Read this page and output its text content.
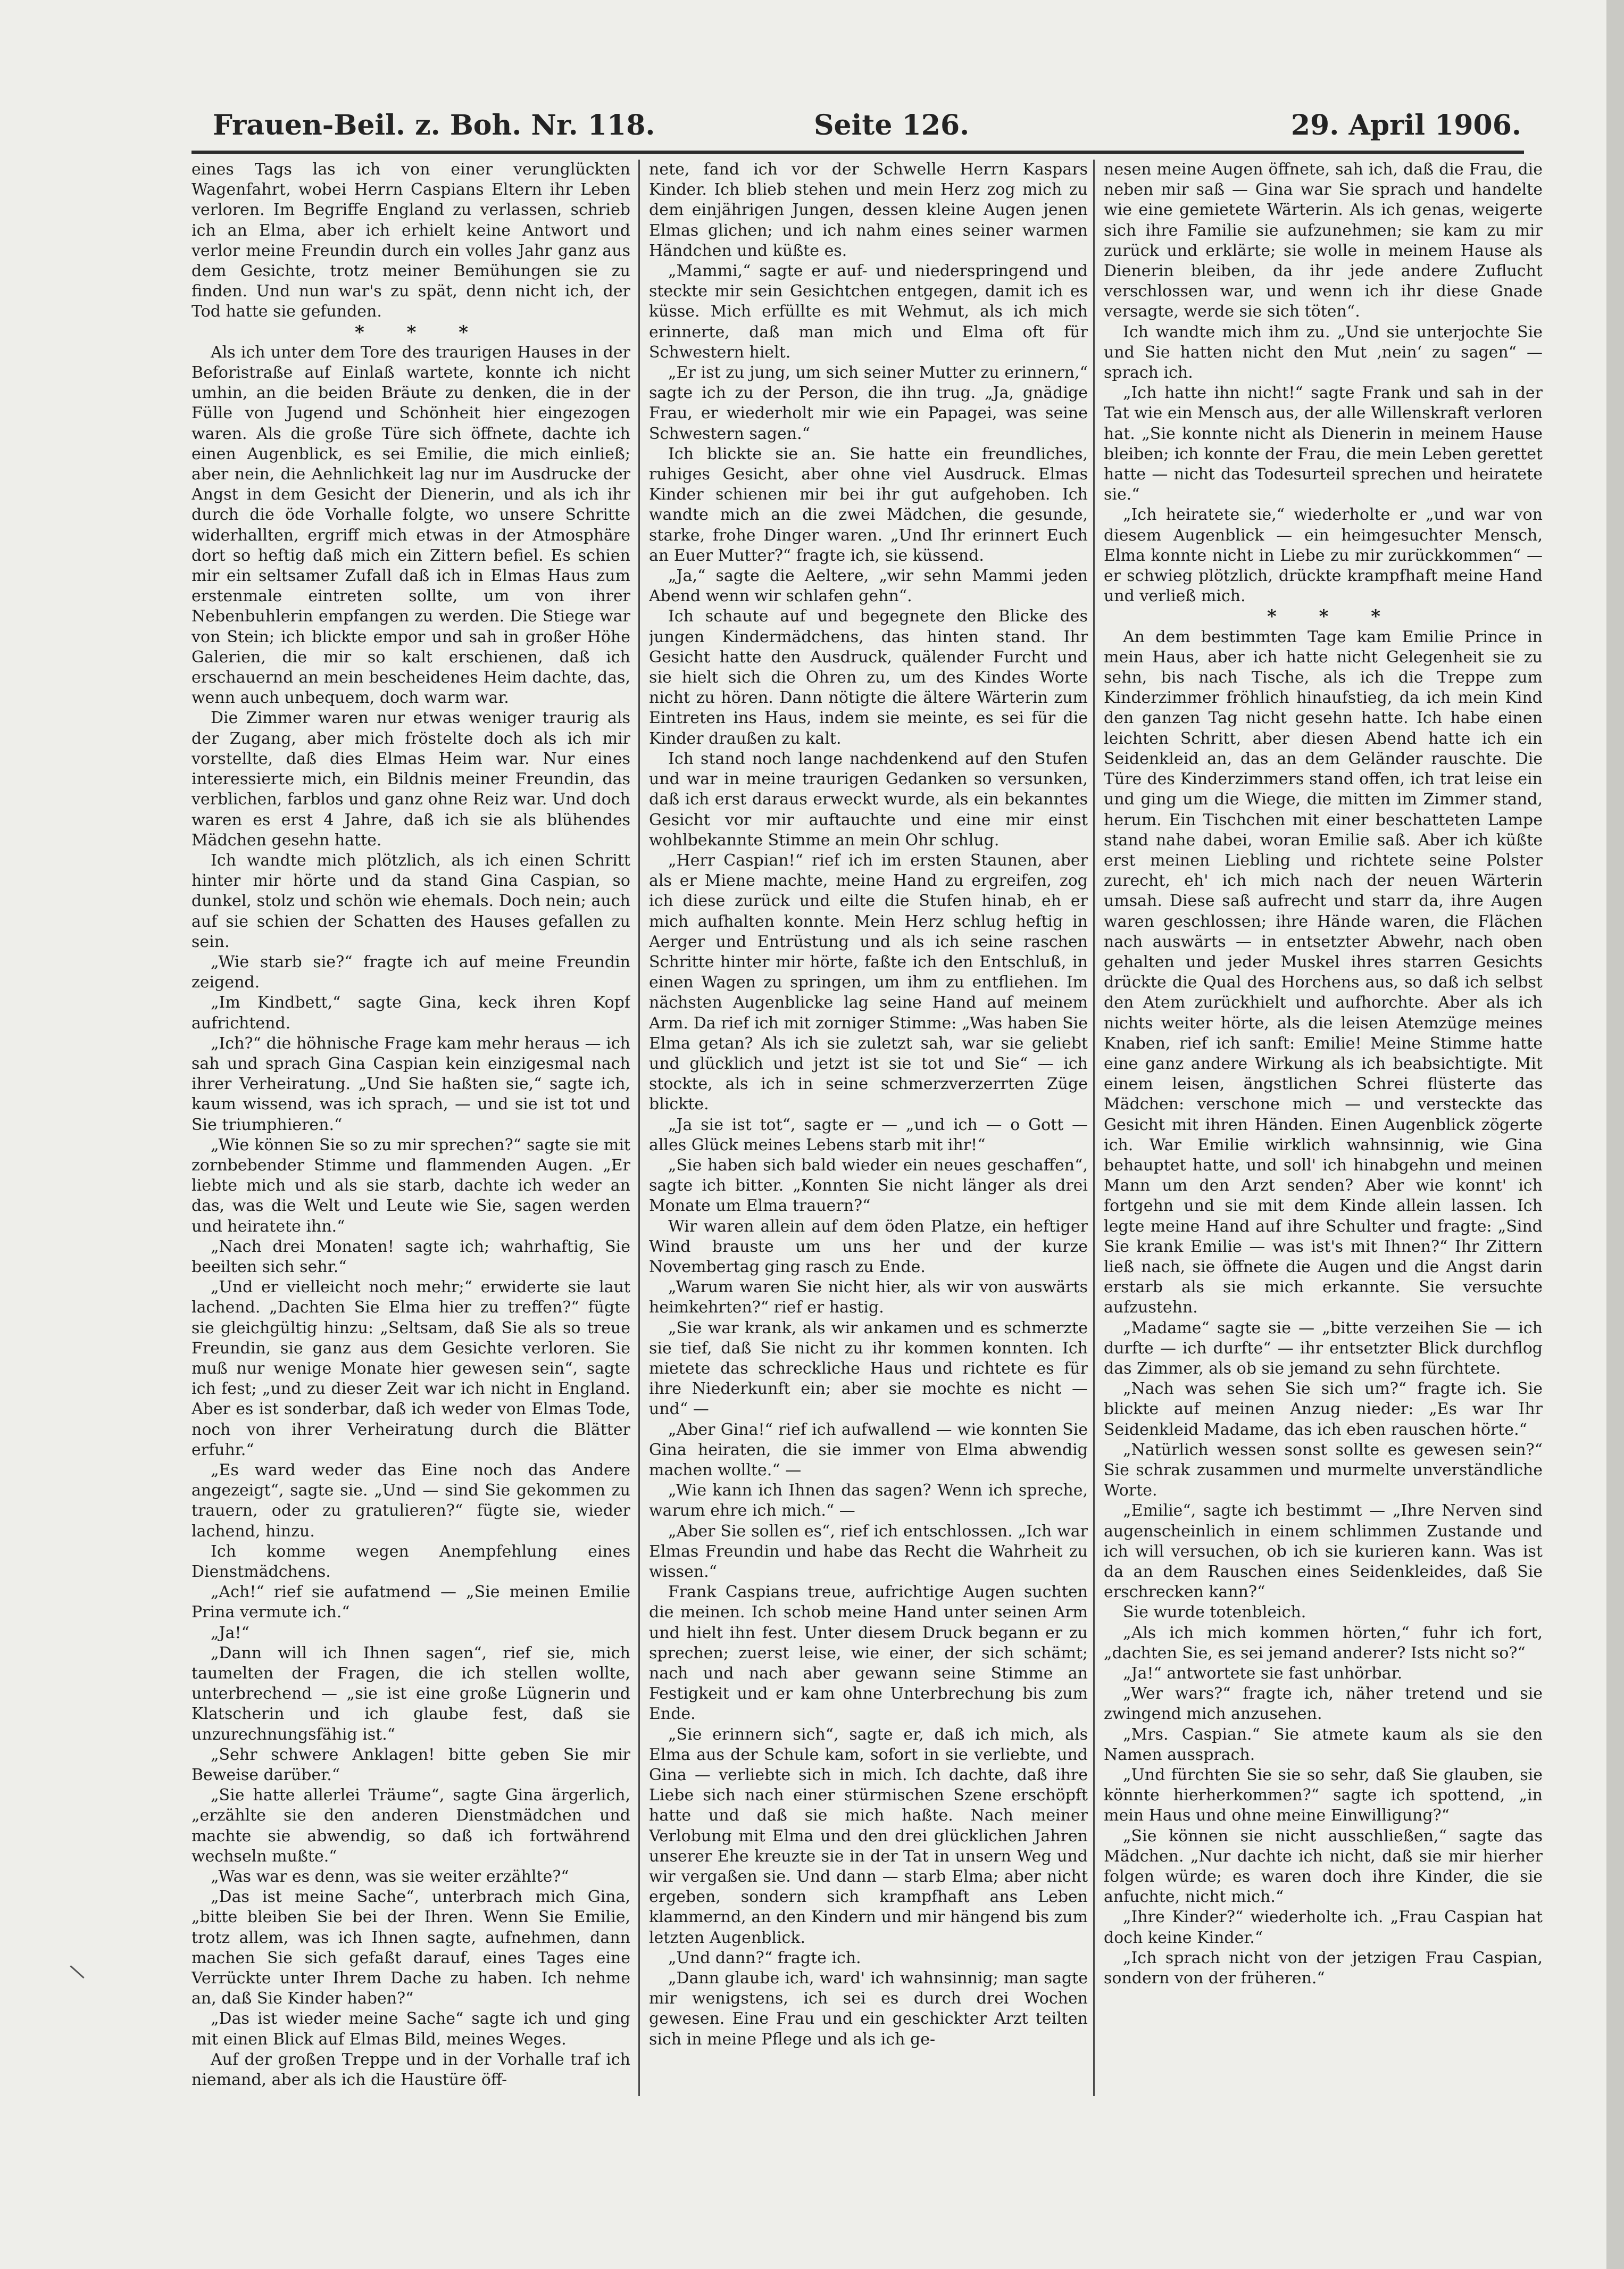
Frauen-Beil. z. Boh. Nr. 118.	Seite 126.	29. April 1906.

eines Tags las ich von einer verunglückten Wagenfahrt, wobei Herrn Caspians Eltern ihr Leben verloren. Im Begriffe England zu verlassen, schrieb ich an Elma, aber ich erhielt keine Antwort und verlor meine Freundin durch ein volles Jahr ganz aus dem Gesichte, trotz meiner Bemühungen sie zu finden. Und nun war's zu spät, denn nicht ich, der Tod hatte sie gefunden.

* * *

Als ich unter dem Tore des traurigen Hauses in der Beforistraße auf Einlaß wartete, konnte ich nicht umhin, an die beiden Bräute zu denken, die in der Fülle von Jugend und Schönheit hier eingezogen waren. Als die große Türe sich öffnete, dachte ich einen Augenblick, es sei Emilie, die mich einließ; aber nein, die Aehnlichkeit lag nur im Ausdrucke der Angst in dem Gesicht der Dienerin, und als ich ihr durch die öde Vorhalle folgte, wo unsere Schritte widerhallten, ergriff mich etwas in der Atmosphäre dort so heftig daß mich ein Zittern befiel. Es schien mir ein seltsamer Zufall daß ich in Elmas Haus zum erstenmale eintreten sollte, um von ihrer Nebenbuhlerin empfangen zu werden. Die Stiege war von Stein; ich blickte empor und sah in großer Höhe Galerien, die mir so kalt erschienen, daß ich erschauernd an mein bescheidenes Heim dachte, das, wenn auch unbequem, doch warm war.

Die Zimmer waren nur etwas weniger traurig als der Zugang, aber mich fröstelte doch als ich mir vorstellte, daß dies Elmas Heim war. Nur eines interessierte mich, ein Bildnis meiner Freundin, das verblichen, farblos und ganz ohne Reiz war. Und doch waren es erst 4 Jahre, daß ich sie als blühendes Mädchen gesehn hatte.

Ich wandte mich plötzlich, als ich einen Schritt hinter mir hörte und da stand Gina Caspian, so dunkel, stolz und schön wie ehemals. Doch nein; auch auf sie schien der Schatten des Hauses gefallen zu sein.

„Wie starb sie?“ fragte ich auf meine Freundin zeigend.

„Im Kindbett,“ sagte Gina, keck ihren Kopf aufrichtend.

„Ich?“ die höhnische Frage kam mehr heraus — ich sah und sprach Gina Caspian kein einzigesmal nach ihrer Verheiratung. „Und Sie haßten sie,“ sagte ich, kaum wissend, was ich sprach, — und sie ist tot und Sie triumphieren.“

„Wie können Sie so zu mir sprechen?“ sagte sie mit zornbebender Stimme und flammenden Augen. „Er liebte mich und als sie starb, dachte ich weder an das, was die Welt und Leute wie Sie, sagen werden und heiratete ihn.“

„Nach drei Monaten! sagte ich; wahrhaftig, Sie beeilten sich sehr.“

„Und er vielleicht noch mehr;“ erwiderte sie laut lachend. „Dachten Sie Elma hier zu treffen?“ fügte sie gleichgültig hinzu: „Seltsam, daß Sie als so treue Freundin, sie ganz aus dem Gesichte verloren. Sie muß nur wenige Monate hier gewesen sein“, sagte ich fest; „und zu dieser Zeit war ich nicht in England. Aber es ist sonderbar, daß ich weder von Elmas Tode, noch von ihrer Verheiratung durch die Blätter erfuhr.“

„Es ward weder das Eine noch das Andere angezeigt“, sagte sie. „Und — sind Sie gekommen zu trauern, oder zu gratulieren?“ fügte sie, wieder lachend, hinzu.

Ich komme wegen Anempfehlung eines Dienstmädchens.

„Ach!“ rief sie aufatmend — „Sie meinen Emilie Prina vermute ich.“

„Ja!“

„Dann will ich Ihnen sagen“, rief sie, mich taumelten der Fragen, die ich stellen wollte, unterbrechend — „sie ist eine große Lügnerin und Klatscherin und ich glaube fest, daß sie unzurechnungsfähig ist.“

„Sehr schwere Anklagen! bitte geben Sie mir Beweise darüber.“

„Sie hatte allerlei Träume“, sagte Gina ärgerlich, „erzählte sie den anderen Dienstmädchen und machte sie abwendig, so daß ich fortwährend wechseln mußte.“

„Was war es denn, was sie weiter erzählte?“

„Das ist meine Sache“, unterbrach mich Gina, „bitte bleiben Sie bei der Ihren. Wenn Sie Emilie, trotz allem, was ich Ihnen sagte, aufnehmen, dann machen Sie sich gefaßt darauf, eines Tages eine Verrückte unter Ihrem Dache zu haben. Ich nehme an, daß Sie Kinder haben?“

„Das ist wieder meine Sache“ sagte ich und ging mit einen Blick auf Elmas Bild, meines Weges.

Auf der großen Treppe und in der Vorhalle traf ich niemand, aber als ich die Haustüre öff-

nete, fand ich vor der Schwelle Herrn Kaspars Kinder. Ich blieb stehen und mein Herz zog mich zu dem einjährigen Jungen, dessen kleine Augen jenen Elmas glichen; und ich nahm eines seiner warmen Händchen und küßte es.

„Mammi,“ sagte er auf- und niederspringend und steckte mir sein Gesichtchen entgegen, damit ich es küsse. Mich erfüllte es mit Wehmut, als ich mich erinnerte, daß man mich und Elma oft für Schwestern hielt.

„Er ist zu jung, um sich seiner Mutter zu erinnern,“ sagte ich zu der Person, die ihn trug. „Ja, gnädige Frau, er wiederholt mir wie ein Papagei, was seine Schwestern sagen.“

Ich blickte sie an. Sie hatte ein freundliches, ruhiges Gesicht, aber ohne viel Ausdruck. Elmas Kinder schienen mir bei ihr gut aufgehoben. Ich wandte mich an die zwei Mädchen, die gesunde, starke, frohe Dinger waren. „Und Ihr erinnert Euch an Euer Mutter?“ fragte ich, sie küssend.

„Ja,“ sagte die Aeltere, „wir sehn Mammi jeden Abend wenn wir schlafen gehn“.

Ich schaute auf und begegnete den Blicke des jungen Kindermädchens, das hinten stand. Ihr Gesicht hatte den Ausdruck, quälender Furcht und sie hielt sich die Ohren zu, um des Kindes Worte nicht zu hören. Dann nötigte die ältere Wärterin zum Eintreten ins Haus, indem sie meinte, es sei für die Kinder draußen zu kalt.

Ich stand noch lange nachdenkend auf den Stufen und war in meine traurigen Gedanken so versunken, daß ich erst daraus erweckt wurde, als ein bekanntes Gesicht vor mir auftauchte und eine mir einst wohlbekannte Stimme an mein Ohr schlug.

„Herr Caspian!“ rief ich im ersten Staunen, aber als er Miene machte, meine Hand zu ergreifen, zog ich diese zurück und eilte die Stufen hinab, eh er mich aufhalten konnte. Mein Herz schlug heftig in Aerger und Entrüstung und als ich seine raschen Schritte hinter mir hörte, faßte ich den Entschluß, in einen Wagen zu springen, um ihm zu entfliehen. Im nächsten Augenblicke lag seine Hand auf meinem Arm. Da rief ich mit zorniger Stimme: „Was haben Sie Elma getan? Als ich sie zuletzt sah, war sie geliebt und glücklich und jetzt ist sie tot und Sie“ — ich stockte, als ich in seine schmerzverzerrten Züge blickte.

„Ja sie ist tot“, sagte er — „und ich — o Gott — alles Glück meines Lebens starb mit ihr!“

„Sie haben sich bald wieder ein neues geschaffen“, sagte ich bitter. „Konnten Sie nicht länger als drei Monate um Elma trauern?“

Wir waren allein auf dem öden Platze, ein heftiger Wind brauste um uns her und der kurze Novembertag ging rasch zu Ende.

„Warum waren Sie nicht hier, als wir von auswärts heimkehrten?“ rief er hastig.

„Sie war krank, als wir ankamen und es schmerzte sie tief, daß Sie nicht zu ihr kommen konnten. Ich mietete das schreckliche Haus und richtete es für ihre Niederkunft ein; aber sie mochte es nicht — und“ —

„Aber Gina!“ rief ich aufwallend — wie konnten Sie Gina heiraten, die sie immer von Elma abwendig machen wollte.“ —

„Wie kann ich Ihnen das sagen? Wenn ich spreche, warum ehre ich mich.“ —

„Aber Sie sollen es“, rief ich entschlossen. „Ich war Elmas Freundin und habe das Recht die Wahrheit zu wissen.“

Frank Caspians treue, aufrichtige Augen suchten die meinen. Ich schob meine Hand unter seinen Arm und hielt ihn fest. Unter diesem Druck begann er zu sprechen; zuerst leise, wie einer, der sich schämt; nach und nach aber gewann seine Stimme an Festigkeit und er kam ohne Unterbrechung bis zum Ende.

„Sie erinnern sich“, sagte er, daß ich mich, als Elma aus der Schule kam, sofort in sie verliebte, und Gina — verliebte sich in mich. Ich dachte, daß ihre Liebe sich nach einer stürmischen Szene erschöpft hatte und daß sie mich haßte. Nach meiner Verlobung mit Elma und den drei glücklichen Jahren unserer Ehe kreuzte sie in der Tat in unsern Weg und wir vergaßen sie. Und dann — starb Elma; aber nicht ergeben, sondern sich krampfhaft ans Leben klammernd, an den Kindern und mir hängend bis zum letzten Augenblick.

„Und dann?“ fragte ich.

„Dann glaube ich, ward' ich wahnsinnig; man sagte mir wenigstens, ich sei es durch drei Wochen gewesen. Eine Frau und ein geschickter Arzt teilten sich in meine Pflege und als ich ge-

nesen meine Augen öffnete, sah ich, daß die Frau, die neben mir saß — Gina war Sie sprach und handelte wie eine gemietete Wärterin. Als ich genas, weigerte sich ihre Familie sie aufzunehmen; sie kam zu mir zurück und erklärte; sie wolle in meinem Hause als Dienerin bleiben, da ihr jede andere Zuflucht verschlossen war, und wenn ich ihr diese Gnade versagte, werde sie sich töten“.

Ich wandte mich ihm zu. „Und sie unterjochte Sie und Sie hatten nicht den Mut ‚nein‘ zu sagen“ — sprach ich.

„Ich hatte ihn nicht!“ sagte Frank und sah in der Tat wie ein Mensch aus, der alle Willenskraft verloren hat. „Sie konnte nicht als Dienerin in meinem Hause bleiben; ich konnte der Frau, die mein Leben gerettet hatte — nicht das Todesurteil sprechen und heiratete sie.“

„Ich heiratete sie,“ wiederholte er „und war von diesem Augenblick — ein heimgesuchter Mensch, Elma konnte nicht in Liebe zu mir zurückkommen“ — er schwieg plötzlich, drückte krampfhaft meine Hand und verließ mich.

* * *

An dem bestimmten Tage kam Emilie Prince in mein Haus, aber ich hatte nicht Gelegenheit sie zu sehn, bis nach Tische, als ich die Treppe zum Kinderzimmer fröhlich hinaufstieg, da ich mein Kind den ganzen Tag nicht gesehn hatte. Ich habe einen leichten Schritt, aber diesen Abend hatte ich ein Seidenkleid an, das an dem Geländer rauschte. Die Türe des Kinderzimmers stand offen, ich trat leise ein und ging um die Wiege, die mitten im Zimmer stand, herum. Ein Tischchen mit einer beschatteten Lampe stand nahe dabei, woran Emilie saß. Aber ich küßte erst meinen Liebling und richtete seine Polster zurecht, eh' ich mich nach der neuen Wärterin umsah. Diese saß aufrecht und starr da, ihre Augen waren geschlossen; ihre Hände waren, die Flächen nach auswärts — in entsetzter Abwehr, nach oben gehalten und jeder Muskel ihres starren Gesichts drückte die Qual des Horchens aus, so daß ich selbst den Atem zurückhielt und aufhorchte. Aber als ich nichts weiter hörte, als die leisen Atemzüge meines Knaben, rief ich sanft: Emilie! Meine Stimme hatte eine ganz andere Wirkung als ich beabsichtigte. Mit einem leisen, ängstlichen Schrei flüsterte das Mädchen: verschone mich — und versteckte das Gesicht mit ihren Händen. Einen Augenblick zögerte ich. War Emilie wirklich wahnsinnig, wie Gina behauptet hatte, und soll' ich hinabgehn und meinen Mann um den Arzt senden? Aber wie konnt' ich fortgehn und sie mit dem Kinde allein lassen. Ich legte meine Hand auf ihre Schulter und fragte: „Sind Sie krank Emilie — was ist's mit Ihnen?“ Ihr Zittern ließ nach, sie öffnete die Augen und die Angst darin erstarb als sie mich erkannte. Sie versuchte aufzustehn.

„Madame“ sagte sie — „bitte verzeihen Sie — ich durfte — ich durfte“ — ihr entsetzter Blick durchflog das Zimmer, als ob sie jemand zu sehn fürchtete.

„Nach was sehen Sie sich um?“ fragte ich. Sie blickte auf meinen Anzug nieder: „Es war Ihr Seidenkleid Madame, das ich eben rauschen hörte.“

„Natürlich wessen sonst sollte es gewesen sein?“ Sie schrak zusammen und murmelte unverständliche Worte.

„Emilie“, sagte ich bestimmt — „Ihre Nerven sind augenscheinlich in einem schlimmen Zustande und ich will versuchen, ob ich sie kurieren kann. Was ist da an dem Rauschen eines Seidenkleides, daß Sie erschrecken kann?“

Sie wurde totenbleich.

„Als ich mich kommen hörten,“ fuhr ich fort, „dachten Sie, es sei jemand anderer? Ists nicht so?“

„Ja!“ antwortete sie fast unhörbar.

„Wer wars?“ fragte ich, näher tretend und sie zwingend mich anzusehen.

„Mrs. Caspian.“ Sie atmete kaum als sie den Namen aussprach.

„Und fürchten Sie sie so sehr, daß Sie glauben, sie könnte hierherkommen?“ sagte ich spottend, „in mein Haus und ohne meine Einwilligung?“

„Sie können sie nicht ausschließen,“ sagte das Mädchen. „Nur dachte ich nicht, daß sie mir hierher folgen würde; es waren doch ihre Kinder, die sie anfuchte, nicht mich.“

„Ihre Kinder?“ wiederholte ich. „Frau Caspian hat doch keine Kinder.“

„Ich sprach nicht von der jetzigen Frau Caspian, sondern von der früheren.“
